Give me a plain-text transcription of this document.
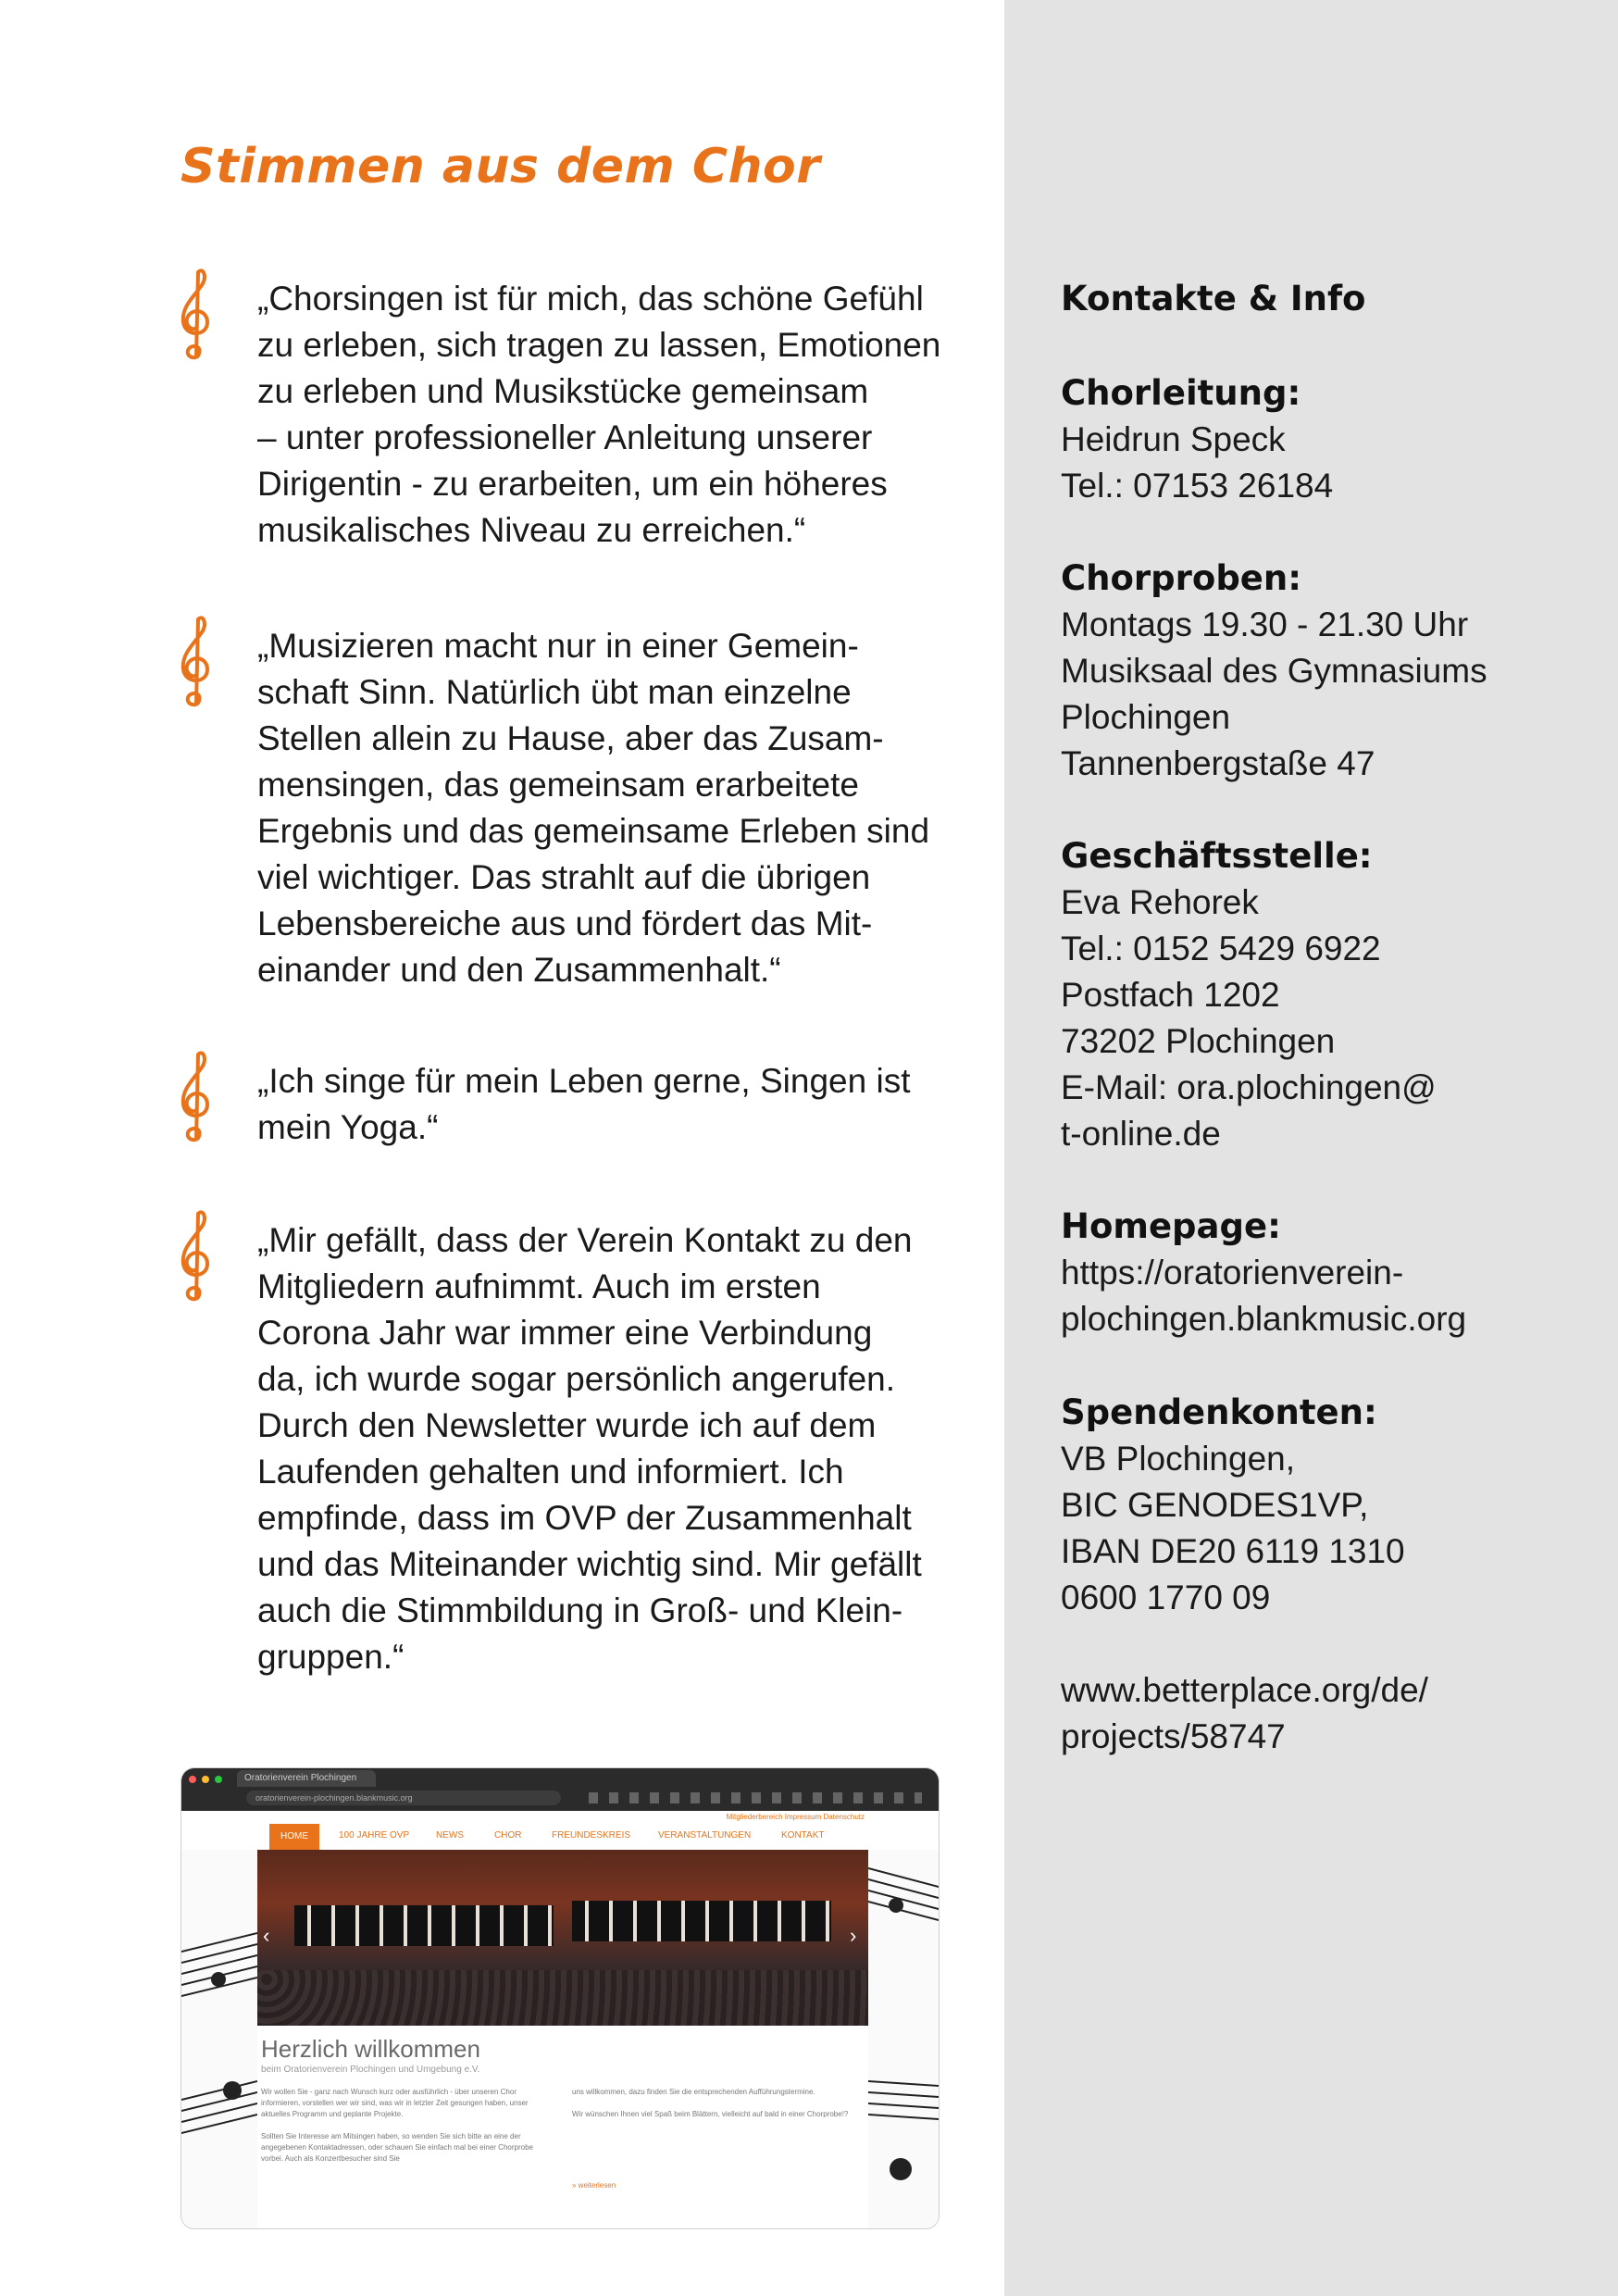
Stimmen aus dem Chor

„Chorsingen ist für mich, das schöne Gefühl
zu erleben, sich tragen zu lassen, Emotionen
zu erleben und Musikstücke gemeinsam
– unter professioneller Anleitung unserer
Dirigentin - zu erarbeiten, um ein höheres
musikalisches Niveau zu erreichen.“

„Musizieren macht nur in einer Gemein-
schaft Sinn. Natürlich übt man einzelne
Stellen allein zu Hause, aber das Zusam-
mensingen, das gemeinsam erarbeitete
Ergebnis und das gemeinsame Erleben sind
viel wichtiger. Das strahlt auf die übrigen
Lebensbereiche aus und fördert das Mit-
einander und den Zusammenhalt.“

„Ich singe für mein Leben gerne, Singen ist
mein Yoga.“

„Mir gefällt, dass der Verein Kontakt zu den
Mitgliedern aufnimmt. Auch im ersten
Corona Jahr war immer eine Verbindung
da, ich wurde sogar persönlich angerufen.
Durch den Newsletter wurde ich auf dem
Laufenden gehalten und informiert. Ich
empfinde, dass im OVP der Zusammenhalt
und das Miteinander wichtig sind. Mir gefällt
auch die Stimmbildung in Groß- und Klein-
gruppen.“

Kontakte & Info

Chorleitung:

Heidrun Speck

Tel.: 07153 26184

Chorproben:

Montags 19.30 - 21.30 Uhr

Musiksaal des Gymnasiums

Plochingen

Tannenbergstaße 47

Geschäftsstelle:

Eva Rehorek

Tel.: 0152 5429 6922

Postfach 1202

73202 Plochingen

E-Mail: ora.plochingen@

t-online.de

Homepage:

https://oratorienverein-

plochingen.blankmusic.org

Spendenkonten:

VB Plochingen,

BIC GENODES1VP,

IBAN DE20 6119 1310

0600 1770 09

www.betterplace.org/de/

projects/58747

Oratorienverein Plochingen
oratorienverein-plochingen.blankmusic.org
Mitgliederbereich Impressum Datenschutz
HOME	100 JAHRE OVP	NEWS	CHOR	FREUNDESKREIS	VERANSTALTUNGEN	KONTAKT
‹	›
Herzlich willkommen
beim Oratorienverein Plochingen und Umgebung e.V.
Wir wollen Sie - ganz nach Wunsch kurz oder ausführlich - über unseren Chor informieren, vorstellen wer wir sind, was wir in letzter Zeit gesungen haben, unser aktuelles Programm und geplante Projekte.

Sollten Sie Interesse am Mitsingen haben, so wenden Sie sich bitte an eine der angegebenen Kontaktadressen, oder schauen Sie einfach mal bei einer Chorprobe vorbei. Auch als Konzertbesucher sind Sie
uns willkommen, dazu finden Sie die entsprechenden Aufführungstermine.

Wir wünschen Ihnen viel Spaß beim Blättern, vielleicht auf bald in einer Chorprobe!?
» weiterlesen
